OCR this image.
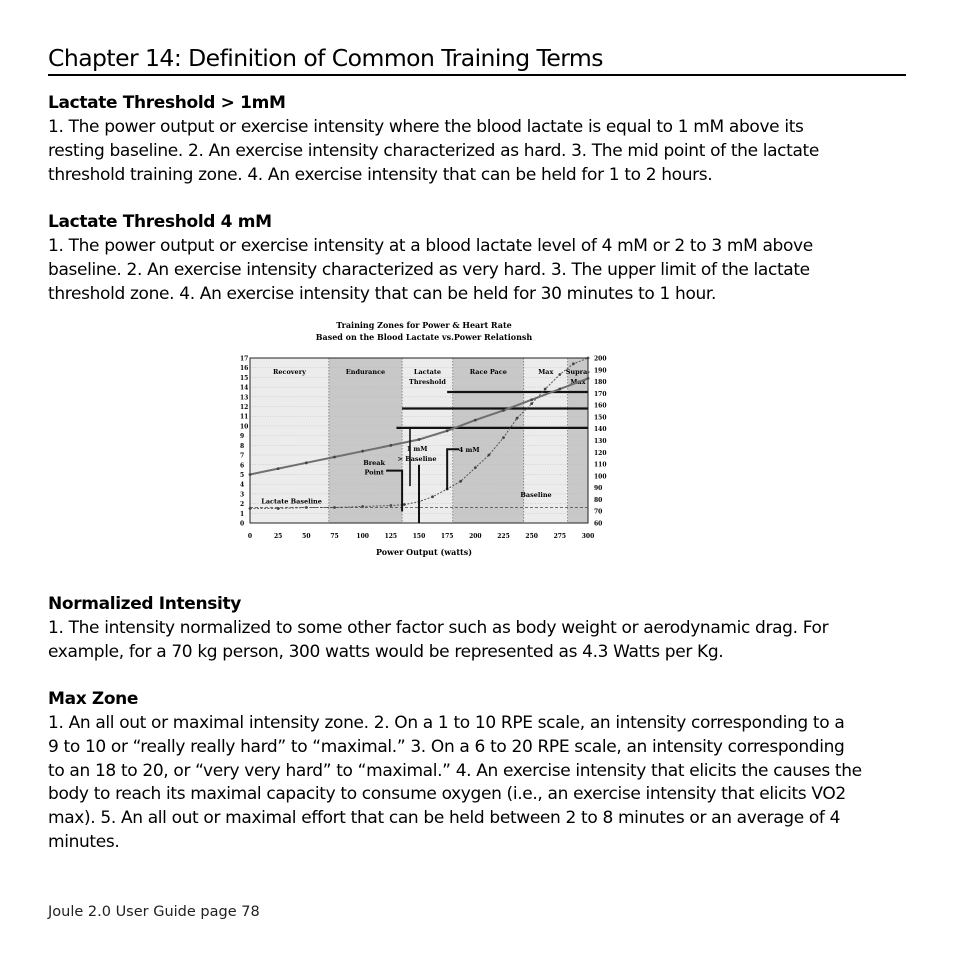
Chapter 14: Definition of Common Training Terms
Lactate Threshold > 1mM
1. The power output or exercise intensity where the blood lactate is equal to 1 mM above its
resting baseline. 2. An exercise intensity characterized as hard. 3. The mid point of the lactate
threshold training zone. 4. An exercise intensity that can be held for 1 to 2 hours.
Lactate Threshold 4 mM
1. The power output or exercise intensity at a blood lactate level of 4 mM or 2 to 3 mM above
baseline. 2. An exercise intensity characterized as very hard. 3. The upper limit of the lactate
threshold zone. 4. An exercise intensity that can be held for 30 minutes to 1 hour.
Recovery	Endurance	Lactate
Threshold
Race Pace	Max Supra-
Max
0
1
2
3
4
5
6
7
8
9
10
11
12
13
14
15
16
17
60
70
80
90
100
110
120
130
140
150
160
170
180
190
200
0	25	50	75	100	125	150	175	200	225	250	275	300
Break
Point
1 mM
> Baseline
4 mM
Lactate Baseline
Baseline
Training Zones for Power & Heart Rate
Based on the Blood Lactate vs.Power Relationsh
Power Output (watts)
Normalized Intensity
1. The intensity normalized to some other factor such as body weight or aerodynamic drag. For
example, for a 70 kg person, 300 watts would be represented as 4.3 Watts per Kg.
Max Zone
1. An all out or maximal intensity zone. 2. On a 1 to 10 RPE scale, an intensity corresponding to a
9 to 10 or “really really hard” to “maximal.” 3. On a 6 to 20 RPE scale, an intensity corresponding
to an 18 to 20, or “very very hard” to “maximal.” 4. An exercise intensity that elicits the causes the
body to reach its maximal capacity to consume oxygen (i.e., an exercise intensity that elicits VO2
max). 5. An all out or maximal effort that can be held between 2 to 8 minutes or an average of 4
minutes.
Joule 2.0 User Guide page 78
